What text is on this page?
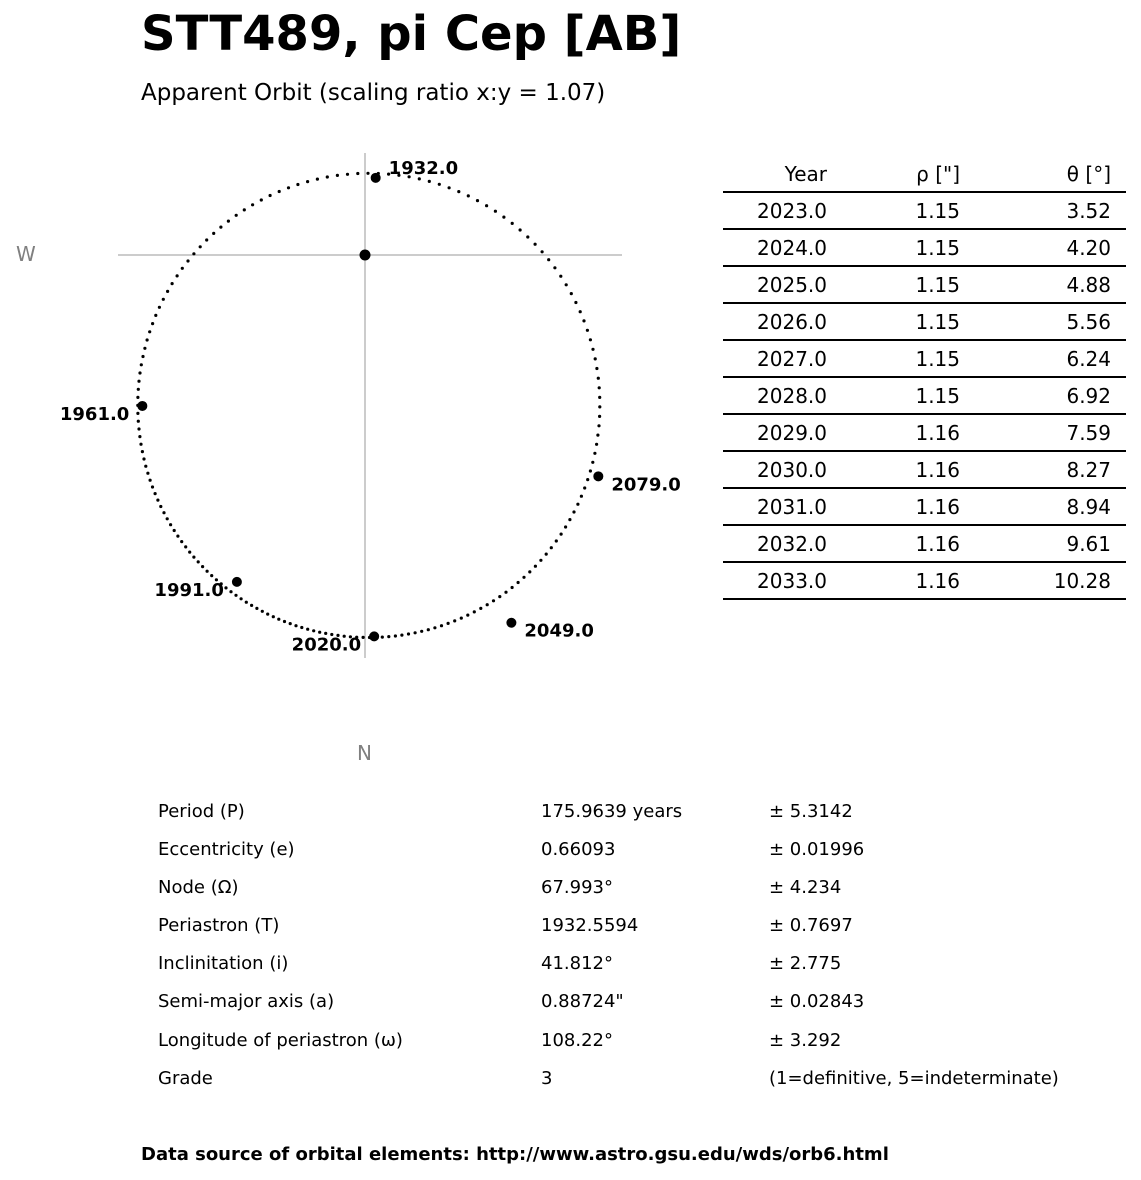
STT489, pi Cep [AB]
Apparent Orbit (scaling ratio x:y = 1.07)
1932.0
1961.0
1991.0
2020.0
2049.0
2079.0
W
N
Year	ρ ["]	θ [°]	
2023.0	1.15	3.52	
2024.0	1.15	4.20	
2025.0	1.15	4.88	
2026.0	1.15	5.56	
2027.0	1.15	6.24	
2028.0	1.15	6.92	
2029.0	1.16	7.59	
2030.0	1.16	8.27	
2031.0	1.16	8.94	
2032.0	1.16	9.61	
2033.0	1.16	10.28	
Period (P)	175.9639 years	± 5.3142
Eccentricity (e)	0.66093	± 0.01996
Node (Ω)	67.993°	± 4.234
Periastron (T)	1932.5594	± 0.7697
Inclinitation (i)	41.812°	± 2.775
Semi-major axis (a)	0.88724"	± 0.02843
Longitude of periastron (ω)	108.22°	± 3.292
Grade	3	(1=definitive, 5=indeterminate)
Data source of orbital elements: http://www.astro.gsu.edu/wds/orb6.html
